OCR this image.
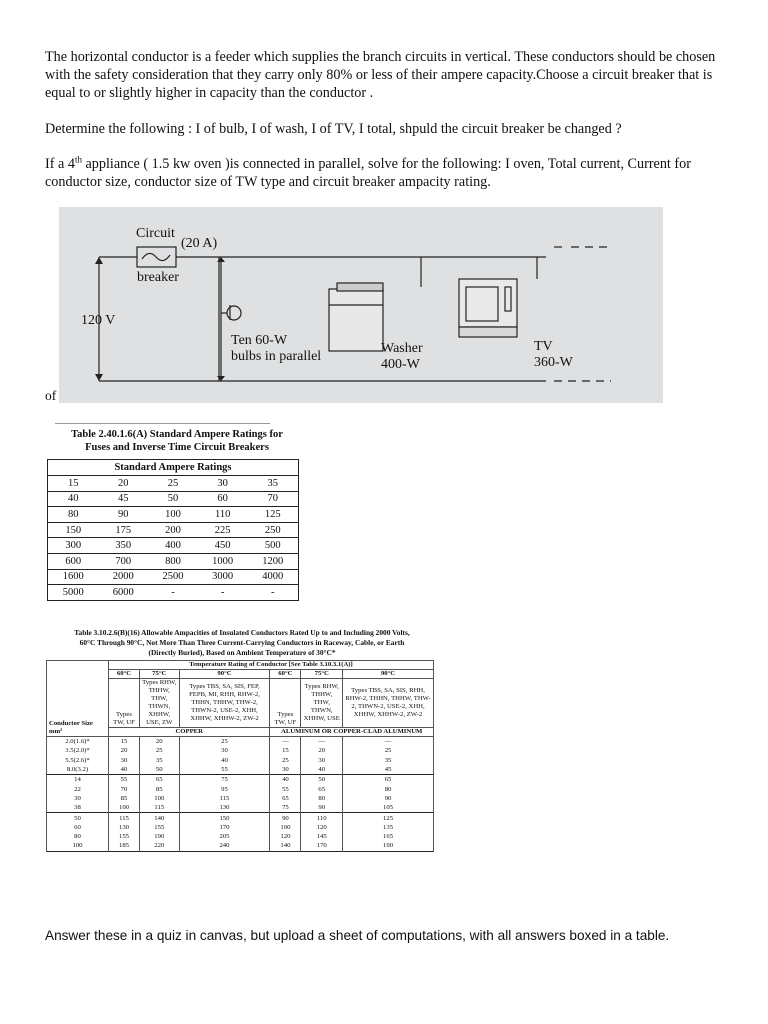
The horizontal conductor is a feeder which supplies the branch circuits in vertical. These conductors should be chosen with the safety consideration that they carry only 80% or less of their ampere capacity.Choose a circuit breaker that is equal to or slightly higher in capacity than the conductor .

Determine the following : I of bulb, I of wash, I of TV, I total, shpuld the circuit breaker be changed ?

If a 4th appliance ( 1.5 kw oven )is connected in parallel, solve for the following: I oven, Total current, Current for conductor size, conductor size of TW type and circuit breaker ampacity rating.

Circuit
(20 A)
breaker
120 V
Ten 60-W
bulbs in parallel
Washer
400-W
TV
360-W
of
Table 2.40.1.6(A) Standard Ampere Ratings for
Fuses and Inverse Time Circuit Breakers
Standard Ampere Ratings				
15	20	25	30	35
40	45	50	60	70
80	90	100	110	125
150	175	200	225	250
300	350	400	450	500
600	700	800	1000	1200
1600	2000	2500	3000	4000
5000	6000	-	-	-
Table 3.10.2.6(B)(16) Allowable Ampacities of Insulated Conductors Rated Up to and Including 2000 Volts,
60°C Through 90°C, Not More Than Three Current-Carrying Conductors in Raceway, Cable, or Earth
(Directly Buried), Based on Ambient Temperature of 30°C*
Conductor Size mm²	Temperature Rating of Conductor [See Table 3.10.3.1(A)]					
	60°C	75°C	90°C	60°C	75°C	90°C
	Types TW, UF	Types RHW, THHW, THW, THWN, XHHW, USE, ZW	Types TBS, SA, SIS, FEP, FEPB, MI, RHH, RHW-2, THHN, THHW, THW-2, THWN-2, USE-2, XHH, XHHW, XHHW-2, ZW-2	Types TW, UF	Types RHW, THHW, THW, THWN, XHHW, USE	Types TBS, SA, SIS, RHH, RHW-2, THHN, THHW, THW-2, THWN-2, USE-2, XHH, XHHW, XHHW-2, ZW-2
	COPPER			ALUMINUM OR COPPER-CLAD ALUMINUM		
2.0(1.6)*	15	20	25	—	—	—
3.5(2.0)*	20	25	30	15	20	25
5.5(2.6)*	30	35	40	25	30	35
8.0(3.2)	40	50	55	30	40	45
14	55	65	75	40	50	65
22	70	85	95	55	65	80
30	85	100	115	65	80	90
38	100	115	130	75	90	105
50	115	140	150	90	110	125
60	130	155	170	100	120	135
80	155	190	205	120	145	165
100	185	220	240	140	170	190
Answer these in a quiz in canvas, but upload a sheet of computations, with all answers boxed in a table.
